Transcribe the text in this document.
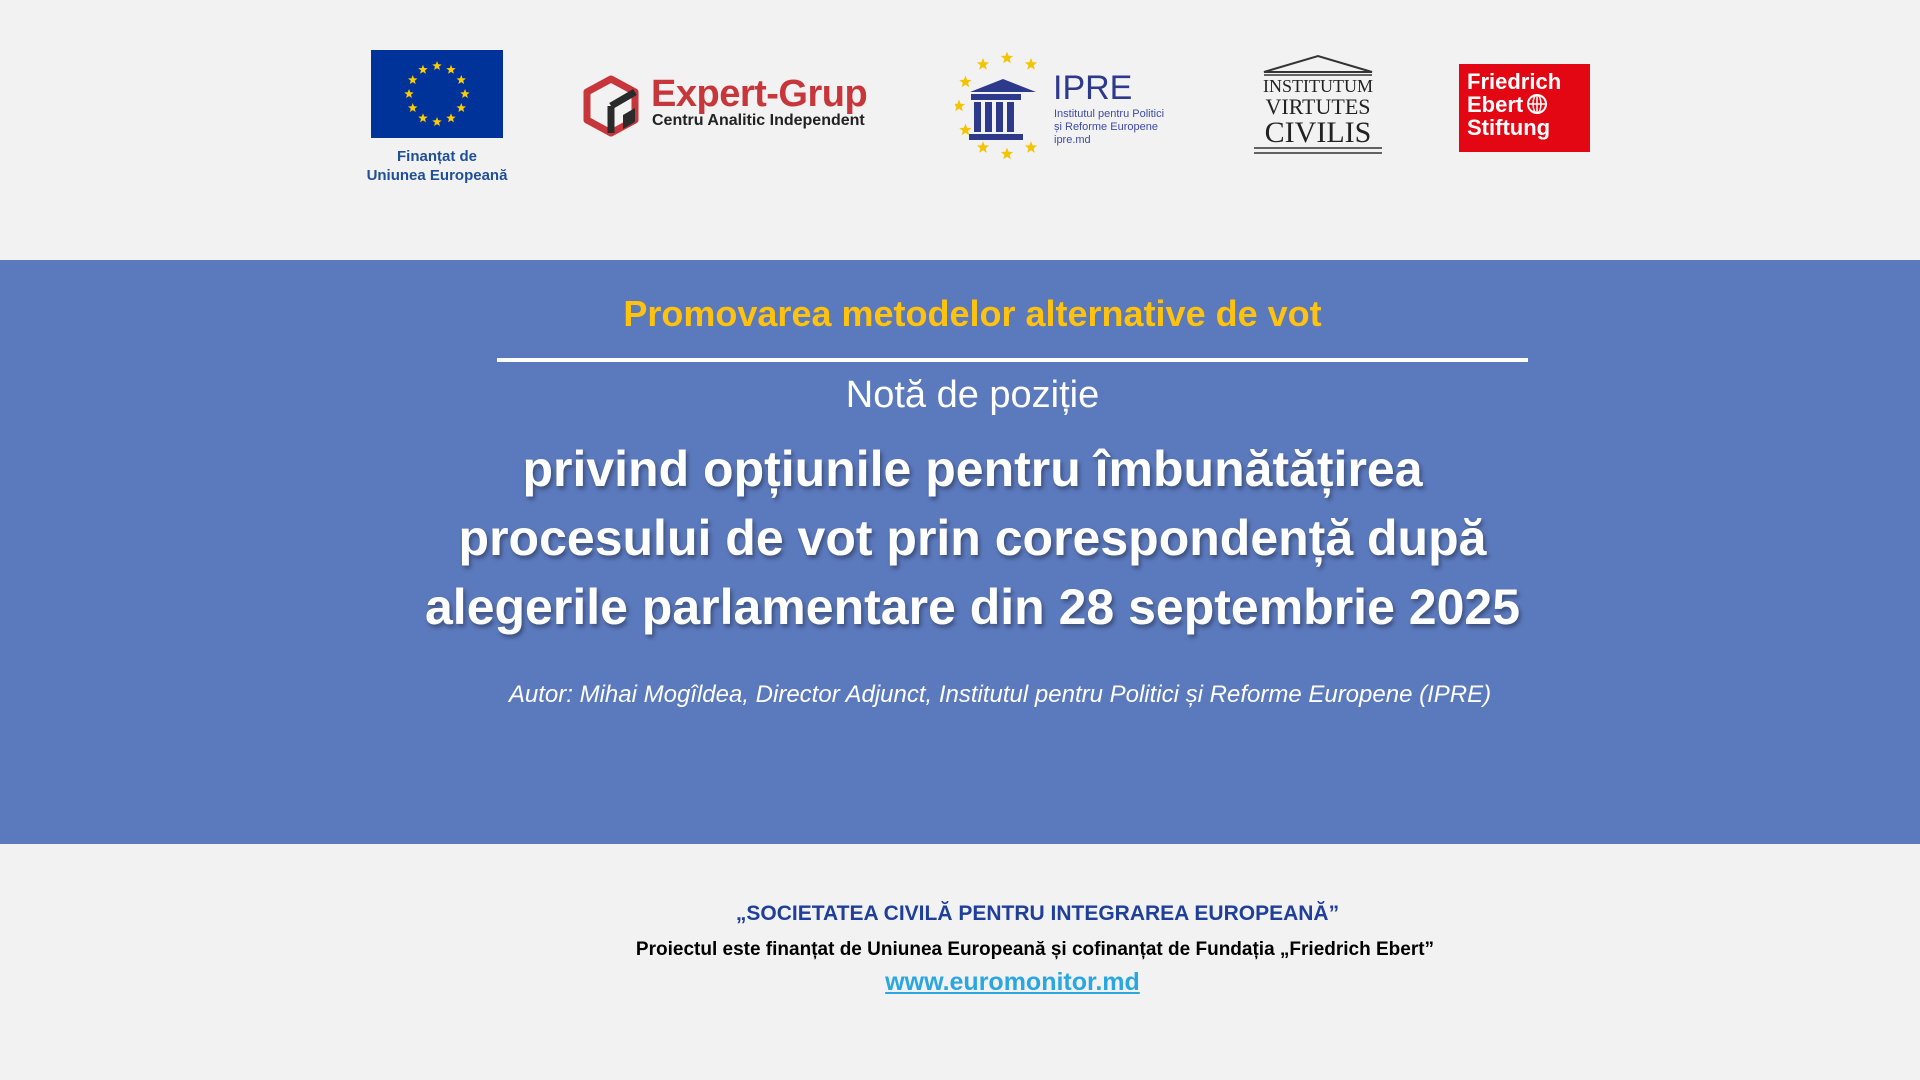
Finanțat de
Uniunea Europeană
Expert-Grup
Centru Analitic Independent
IPRE
Institutul pentru Politici
și Reforme Europene
ipre.md
INSTITUTUM
VIRTUTES
CIVILIS
Friedrich
Ebert
Stiftung
Promovarea metodelor alternative de vot
Notă de poziție
privind opțiunile pentru îmbunătățirea
procesului de vot prin corespondență după
alegerile parlamentare din 28 septembrie 2025
Autor: Mihai Mogîldea, Director Adjunct, Institutul pentru Politici și Reforme Europene (IPRE)
„SOCIETATEA CIVILĂ PENTRU INTEGRAREA EUROPEANĂ”
Proiectul este finanțat de Uniunea Europeană și cofinanțat de Fundația „Friedrich Ebert”
www.euromonitor.md
